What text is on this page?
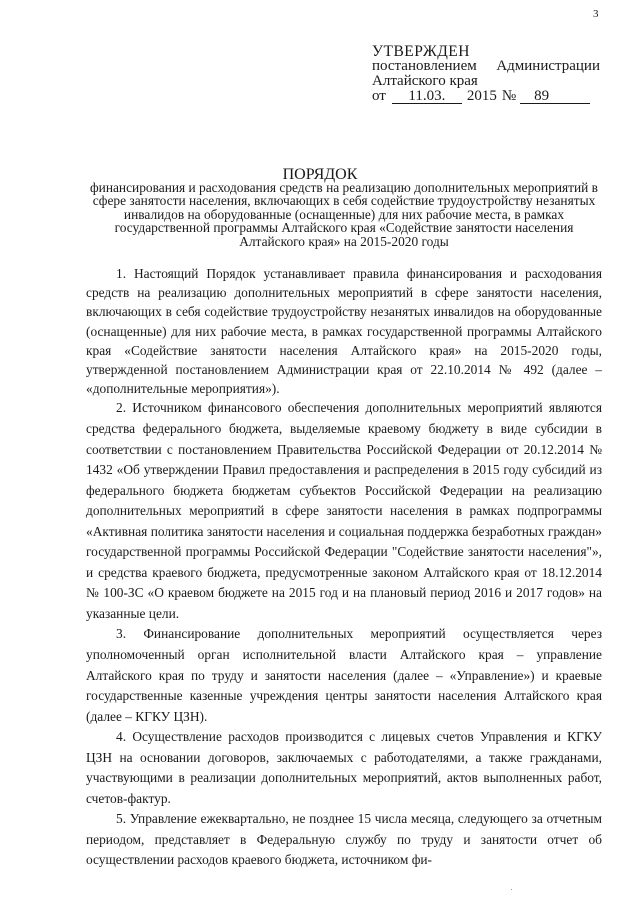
3
УТВЕРЖДЕН
постановлением Администрации
Алтайского края
от	11.03.	2015 №	89
ПОРЯДОК
финансирования и расходования средств на реализацию дополнительных мероприятий в сфере занятости населения, включающих в себя содействие трудоустройству незанятых инвалидов на оборудованные (оснащенные) для них рабочие места, в рамках государственной программы Алтайского края «Содействие занятости населения Алтайского края» на 2015-2020 годы

1. Настоящий Порядок устанавливает правила финансирования и расходования средств на реализацию дополнительных мероприятий в сфере занятости населения, включающих в себя содействие трудоустройству незанятых инвалидов на оборудованные (оснащенные) для них рабочие места, в рамках государственной программы Алтайского края «Содействие занятости населения Алтайского края» на 2015-2020 годы, утвержденной постановлением Администрации края от 22.10.2014 № 492 (далее – «дополнительные мероприятия»).

2. Источником финансового обеспечения дополнительных мероприятий являются средства федерального бюджета, выделяемые краевому бюджету в виде субсидии в соответствии с постановлением Правительства Российской Федерации от 20.12.2014 № 1432 «Об утверждении Правил предоставления и распределения в 2015 году субсидий из федерального бюджета бюджетам субъектов Российской Федерации на реализацию дополнительных мероприятий в сфере занятости населения в рамках подпрограммы «Активная политика занятости населения и социальная поддержка безработных граждан» государственной программы Российской Федерации "Содействие занятости населения"», и средства краевого бюджета, предусмотренные законом Алтайского края от 18.12.2014 № 100-ЗС «О краевом бюджете на 2015 год и на плановый период 2016 и 2017 годов» на указанные цели.

3. Финансирование дополнительных мероприятий осуществляется через уполномоченный орган исполнительной власти Алтайского края – управление Алтайского края по труду и занятости населения (далее – «Управление») и краевые государственные казенные учреждения центры занятости населения Алтайского края (далее – КГКУ ЦЗН).

4. Осуществление расходов производится с лицевых счетов Управления и КГКУ ЦЗН на основании договоров, заключаемых с работодателями, а также гражданами, участвующими в реализации дополнительных мероприятий, актов выполненных работ, счетов-фактур.

5. Управление ежеквартально, не позднее 15 числа месяца, следующего за отчетным периодом, представляет в Федеральную службу по труду и занятости отчет об осуществлении расходов краевого бюджета, источником фи-
